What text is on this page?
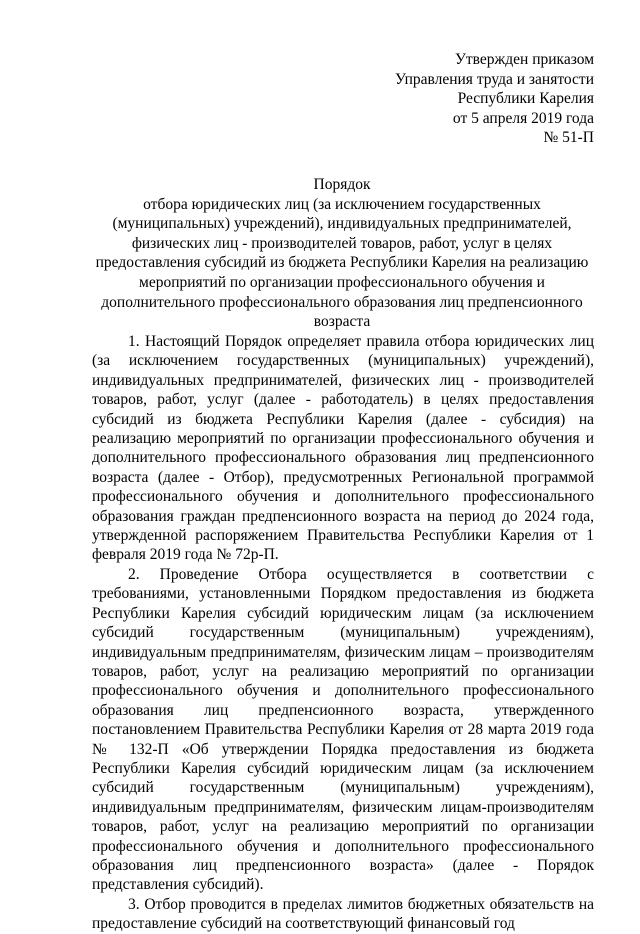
Утвержден приказом
Управления труда и занятости
Республики Карелия
от 5 апреля 2019 года
№ 51-П
Порядок
отбора юридических лиц (за исключением государственных (муниципальных) учреждений), индивидуальных предпринимателей, физических лиц - производителей товаров, работ, услуг в целях предоставления субсидий из бюджета Республики Карелия на реализацию мероприятий по организации профессионального обучения и дополнительного профессионального образования лиц предпенсионного возраста

1. Настоящий Порядок определяет правила отбора юридических лиц (за исключением государственных (муниципальных) учреждений), индивидуальных предпринимателей, физических лиц - производителей товаров, работ, услуг (далее - работодатель) в целях предоставления субсидий из бюджета Республики Карелия (далее - субсидия) на реализацию мероприятий по организации профессионального обучения и дополнительного профессионального образования лиц предпенсионного возраста (далее - Отбор), предусмотренных Региональной программой профессионального обучения и дополнительного профессионального образования граждан предпенсионного возраста на период до 2024 года, утвержденной распоряжением Правительства Республики Карелия от 1 февраля 2019 года № 72р-П.

2. Проведение Отбора осуществляется в соответствии с требованиями, установленными Порядком предоставления из бюджета Республики Карелия субсидий юридическим лицам (за исключением субсидий государственным (муниципальным) учреждениям), индивидуальным предпринимателям, физическим лицам – производителям товаров, работ, услуг на реализацию мероприятий по организации профессионального обучения и дополнительного профессионального образования лиц предпенсионного возраста, утвержденного постановлением Правительства Республики Карелия от 28 марта 2019 года № 132-П «Об утверждении Порядка предоставления из бюджета Республики Карелия субсидий юридическим лицам (за исключением субсидий государственным (муниципальным) учреждениям), индивидуальным предпринимателям, физическим лицам-производителям товаров, работ, услуг на реализацию мероприятий по организации профессионального обучения и дополнительного профессионального образования лиц предпенсионного возраста» (далее - Порядок представления субсидий).

3. Отбор проводится в пределах лимитов бюджетных обязательств на предоставление субсидий на соответствующий финансовый год
